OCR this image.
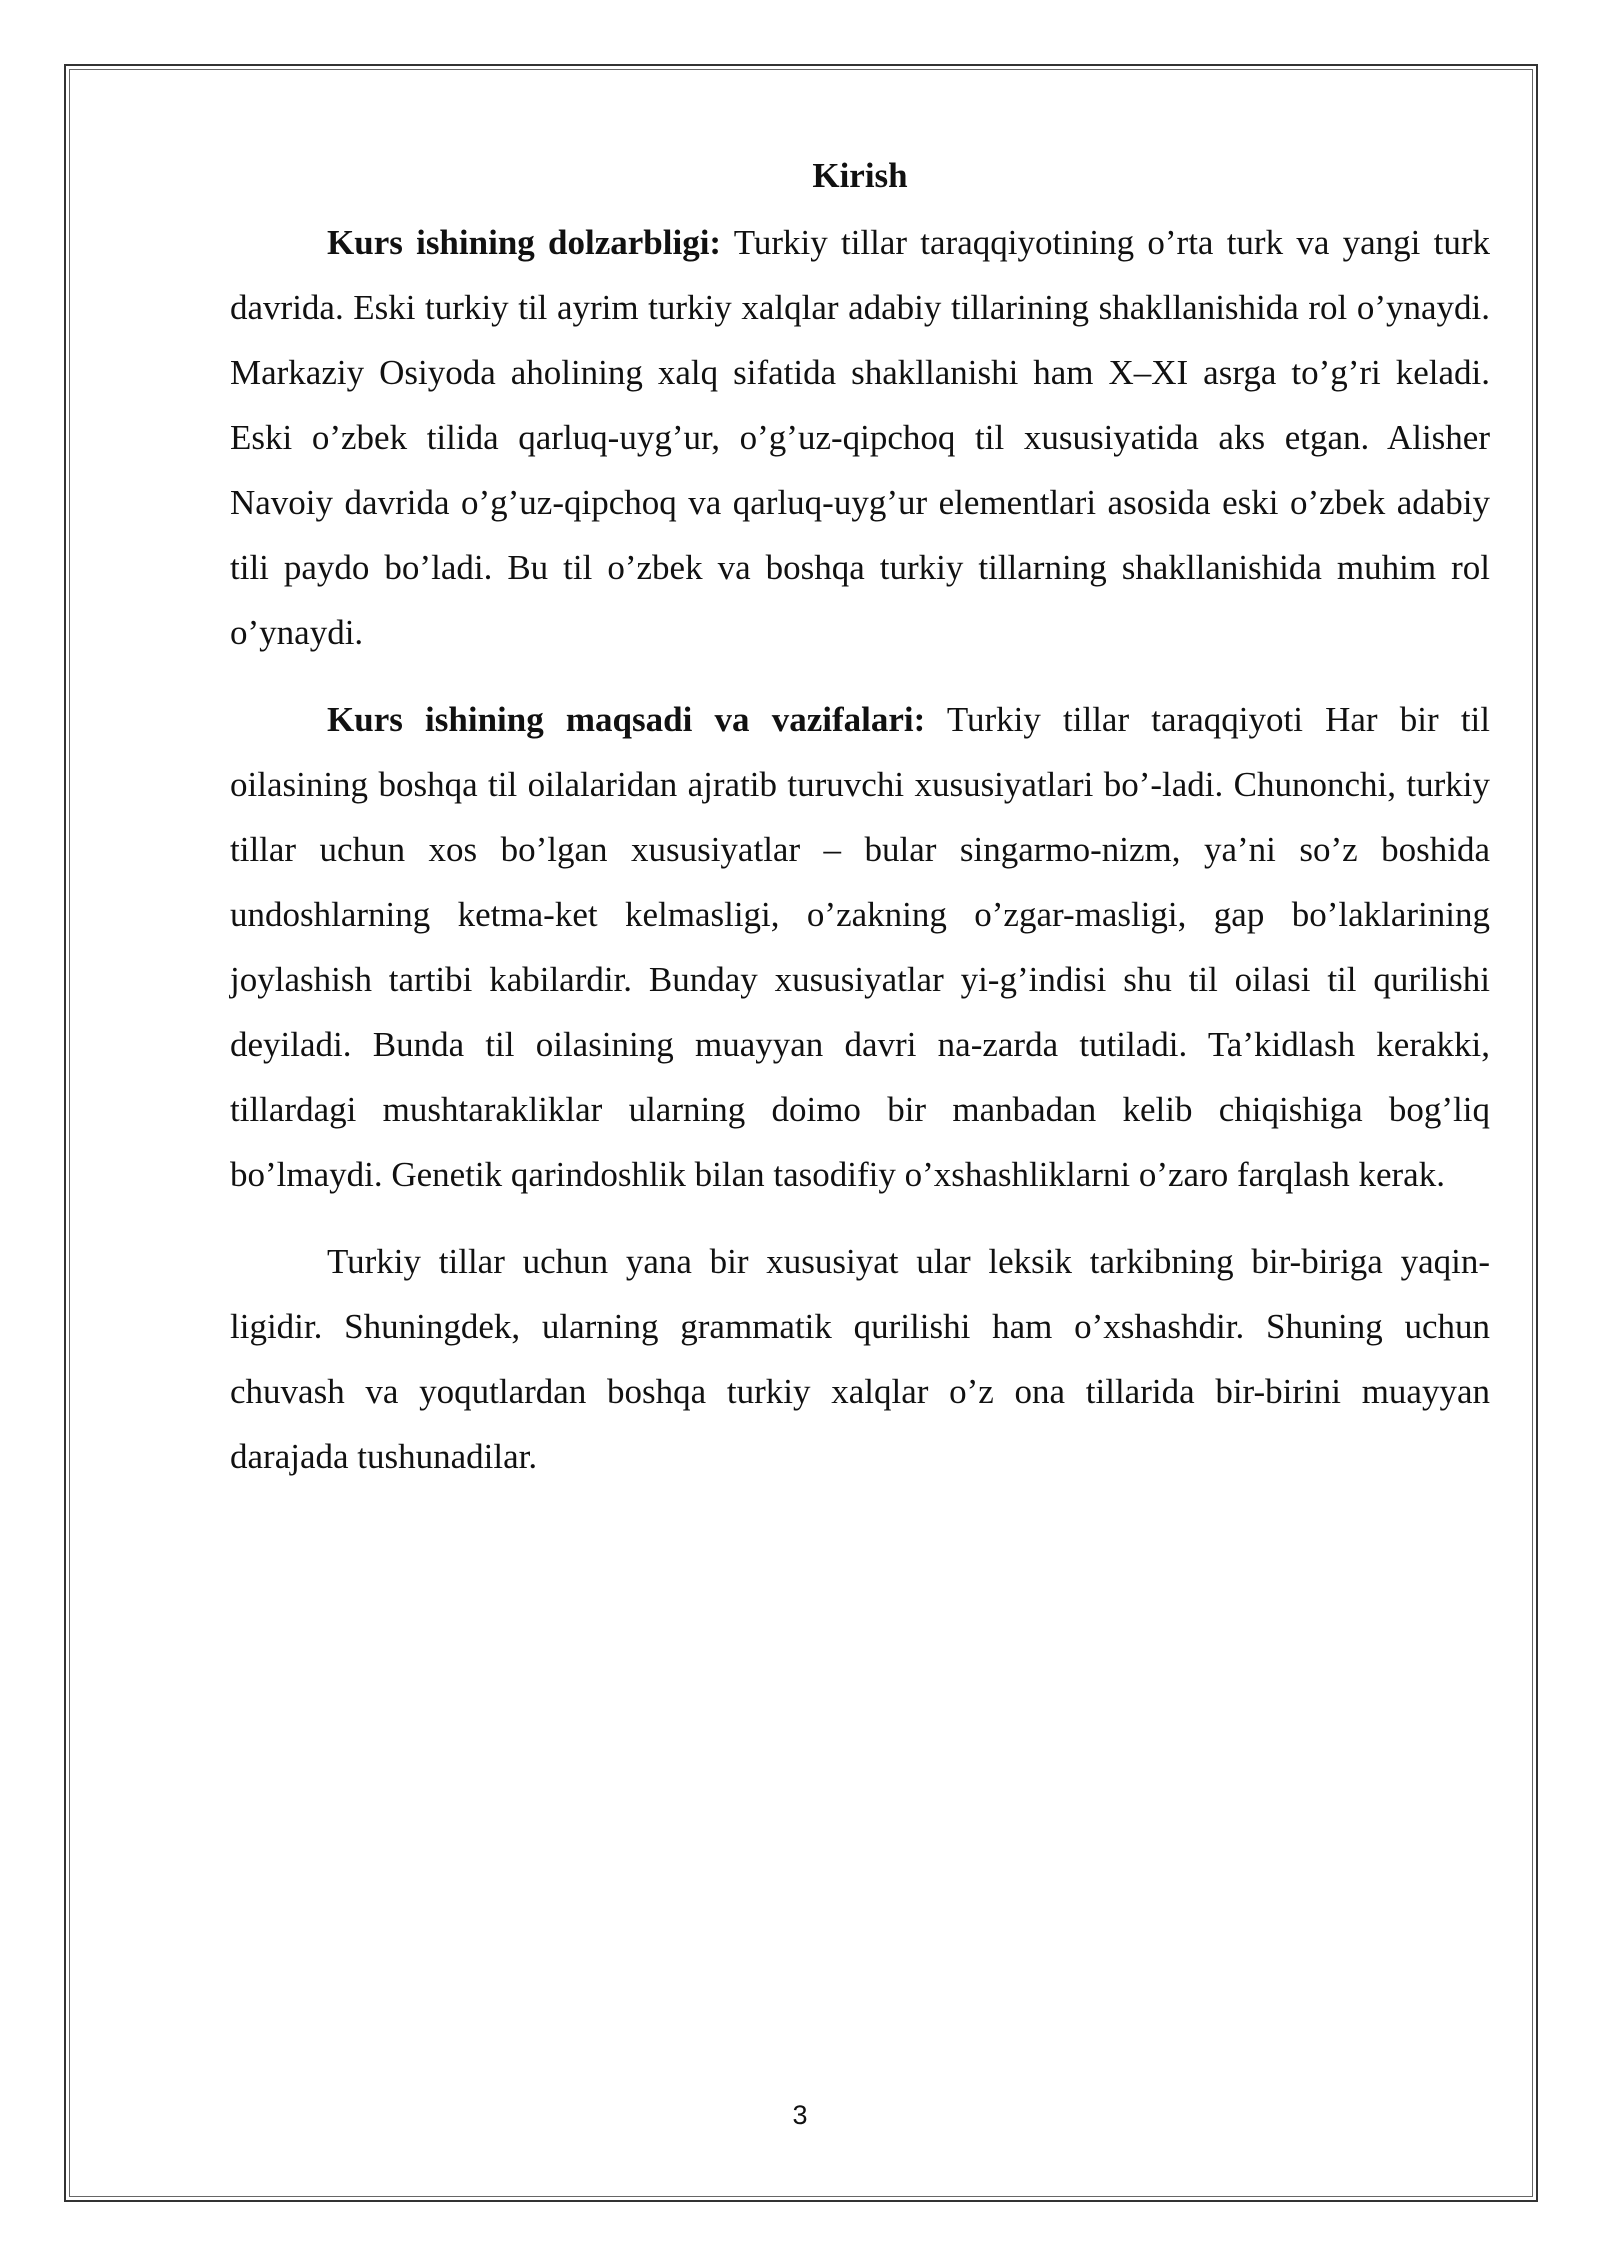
Kirish

Kurs ishining dolzarbligi: Turkiy tillar taraqqiyotining o’rta turk va yangi turk davrida. Eski turkiy til ayrim turkiy xalqlar adabiy tillarining shakllanishida rol o’ynaydi. Markaziy Osiyoda aholining xalq sifatida shakllanishi ham X–XI asrga to’g’ri keladi. Eski o’zbek tilida qarluq-uyg’ur, o’g’uz-qipchoq til xususiyatida aks etgan. Alisher Navoiy davrida o’g’uz-qipchoq va qarluq-uyg’ur elementlari asosida eski o’zbek adabiy tili paydo bo’ladi. Bu til o’zbek va boshqa turkiy tillarning shakllanishida muhim rol o’ynaydi.

Kurs ishining maqsadi va vazifalari: Turkiy tillar taraqqiyoti Har bir til oilasining boshqa til oilalaridan ajratib turuvchi xususiyatlari bo’-ladi. Chunonchi, turkiy tillar uchun xos bo’lgan xususiyatlar – bular singarmo-nizm, ya’ni so’z boshida undoshlarning ketma-ket kelmasligi, o’zakning o’zgar-masligi, gap bo’laklarining joylashish tartibi kabilardir. Bunday xususiyatlar yi-g’indisi shu til oilasi til qurilishi deyiladi. Bunda til oilasining muayyan davri na-zarda tutiladi. Ta’kidlash kerakki, tillardagi mushtarakliklar ularning doimo bir manbadan kelib chiqishiga bog’liq bo’lmaydi. Genetik qarindoshlik bilan tasodifiy o’xshashliklarni o’zaro farqlash kerak.

Turkiy tillar uchun yana bir xususiyat ular leksik tarkibning bir-biriga yaqin-ligidir. Shuningdek, ularning grammatik qurilishi ham o’xshashdir. Shuning uchun chuvash va yoqutlardan boshqa turkiy xalqlar o’z ona tillarida bir-birini muayyan darajada tushunadilar.

3
